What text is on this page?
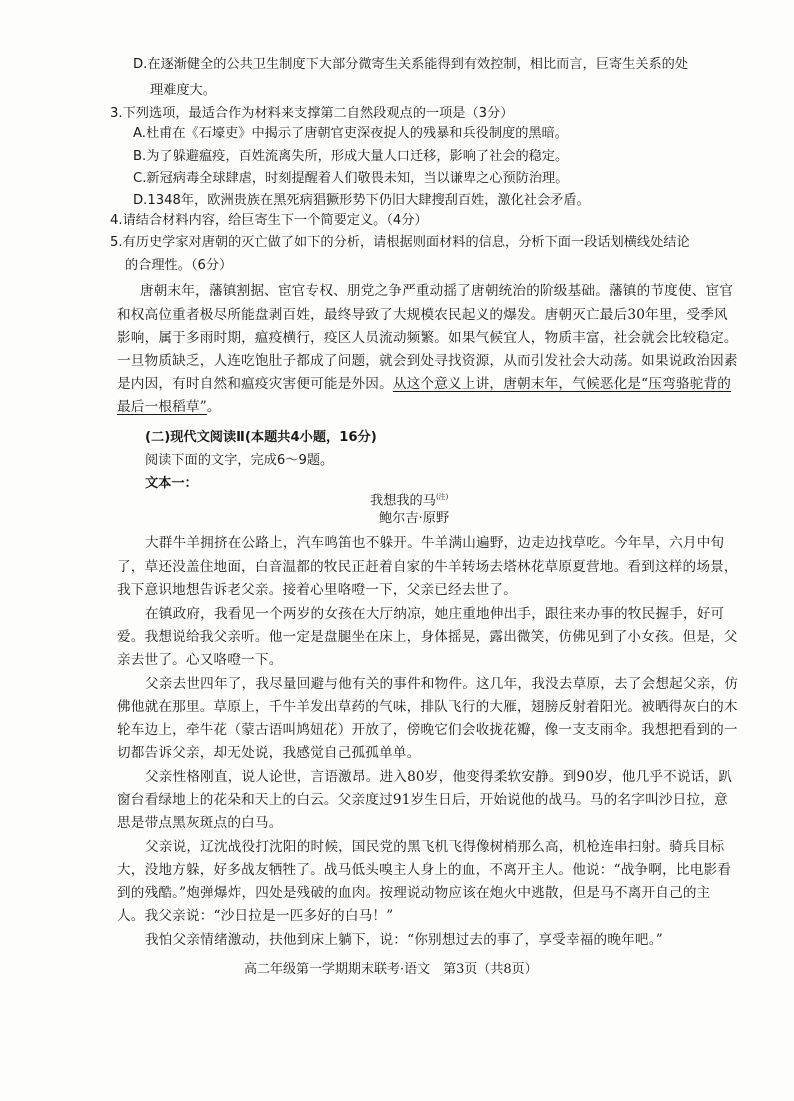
D.在逐渐健全的公共卫生制度下大部分微寄生关系能得到有效控制，相比而言，巨寄生关系的处
理难度大。
3.下列选项，最适合作为材料来支撑第二自然段观点的一项是（3分）
A.杜甫在《石壕吏》中揭示了唐朝官吏深夜捉人的残暴和兵役制度的黑暗。
B.为了躲避瘟疫，百姓流离失所，形成大量人口迁移，影响了社会的稳定。
C.新冠病毒全球肆虐，时刻提醒着人们敬畏未知，当以谦卑之心预防治理。
D.1348年，欧洲贵族在黑死病猖獗形势下仍旧大肆搜刮百姓，激化社会矛盾。
4.请结合材料内容，给巨寄生下一个简要定义。（4分）
5.有历史学家对唐朝的灭亡做了如下的分析，请根据则面材料的信息，分析下面一段话划横线处结论
的合理性。（6分）
唐朝末年，藩镇割据、宦官专权、朋党之争严重动摇了唐朝统治的阶级基础。藩镇的节度使、宦官
和权高位重者极尽所能盘剥百姓，最终导致了大规模农民起义的爆发。唐朝灭亡最后30年里，受季风
影响，属于多雨时期，瘟疫横行，疫区人员流动频繁。如果气候宜人，物质丰富，社会就会比较稳定。
一旦物质缺乏，人连吃饱肚子都成了问题，就会到处寻找资源，从而引发社会大动荡。如果说政治因素
是内因，有时自然和瘟疫灾害便可能是外因。从这个意义上讲，唐朝末年，气候恶化是“压弯骆驼背的
最后一根稻草”。
(二)现代文阅读Ⅱ(本题共4小题，16分)
阅读下面的文字，完成6～9题。
文本一：
我想我的马$^{(注)}$
鲍尔吉·原野
大群牛羊拥挤在公路上，汽车鸣笛也不躲开。牛羊满山遍野，边走边找草吃。今年旱，六月中旬
了，草还没盖住地面，白音温都的牧民正赶着自家的牛羊转场去塔林花草原夏营地。看到这样的场景，
我下意识地想告诉老父亲。接着心里咯噔一下，父亲已经去世了。
在镇政府，我看见一个两岁的女孩在大厅纳凉，她庄重地伸出手，跟往来办事的牧民握手，好可
爱。我想说给我父亲听。他一定是盘腿坐在床上，身体摇晃，露出微笑，仿佛见到了小女孩。但是，父
亲去世了。心又咯噔一下。
父亲去世四年了，我尽量回避与他有关的事件和物件。这几年，我没去草原，去了会想起父亲，仿
佛他就在那里。草原上，千牛羊发出草药的气味，排队飞行的大雁，翅膀反射着阳光。被晒得灰白的木
轮车边上，牵牛花（蒙古语叫鸠妞花）开放了，傍晚它们会收拢花瓣，像一支支雨伞。我想把看到的一
切都告诉父亲，却无处说，我感觉自己孤孤单单。
父亲性格刚直，说人论世，言语激昂。进入80岁，他变得柔软安静。到90岁，他几乎不说话，趴
窗台看绿地上的花朵和天上的白云。父亲度过91岁生日后，开始说他的战马。马的名字叫沙日拉，意
思是带点黑灰斑点的白马。
父亲说，辽沈战役打沈阳的时候，国民党的黑飞机飞得像树梢那么高，机枪连串扫射。骑兵目标
大，没地方躲，好多战友牺牲了。战马低头嗅主人身上的血，不离开主人。他说：“战争啊，比电影看
到的残酷。”炮弹爆炸，四处是残破的血肉。按理说动物应该在炮火中逃散，但是马不离开自己的主
人。我父亲说：“沙日拉是一匹多好的白马！”
我怕父亲情绪激动，扶他到床上躺下，说：“你别想过去的事了，享受幸福的晚年吧。”
高二年级第一学期期末联考·语文　第3页（共8页）
